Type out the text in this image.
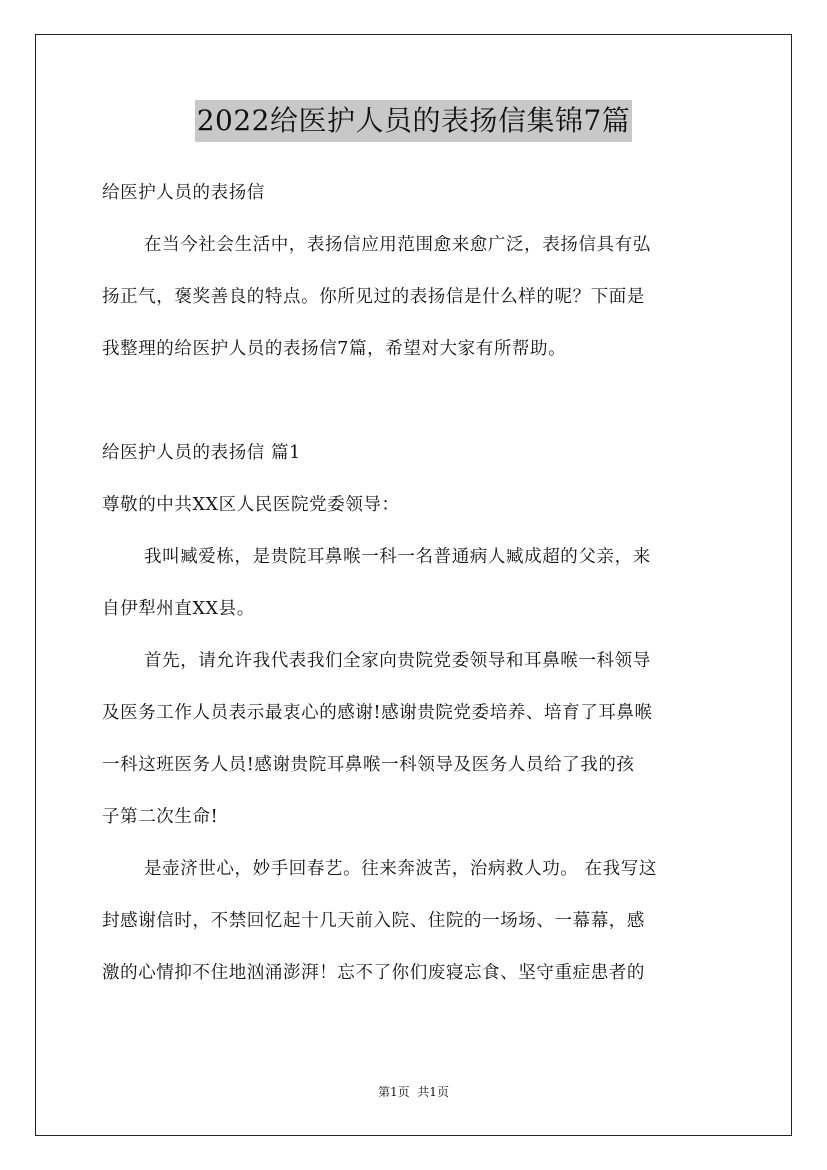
2022给医护人员的表扬信集锦7篇
给医护人员的表扬信
在当今社会生活中，表扬信应用范围愈来愈广泛，表扬信具有弘
扬正气，褒奖善良的特点。你所见过的表扬信是什么样的呢？下面是
我整理的给医护人员的表扬信7篇，希望对大家有所帮助。
给医护人员的表扬信 篇1
尊敬的中共XX区人民医院党委领导：
我叫臧爱栋，是贵院耳鼻喉一科一名普通病人臧成超的父亲，来
自伊犁州直XX县。
首先，请允许我代表我们全家向贵院党委领导和耳鼻喉一科领导
及医务工作人员表示最衷心的感谢!感谢贵院党委培养、培育了耳鼻喉
一科这班医务人员!感谢贵院耳鼻喉一科领导及医务人员给了我的孩
子第二次生命!
是壶济世心，妙手回春艺。往来奔波苦，治病救人功。 在我写这
封感谢信时，不禁回忆起十几天前入院、住院的一场场、一幕幕，感
激的心情抑不住地汹涌澎湃！忘不了你们废寝忘食、坚守重症患者的
第1页  共1页
